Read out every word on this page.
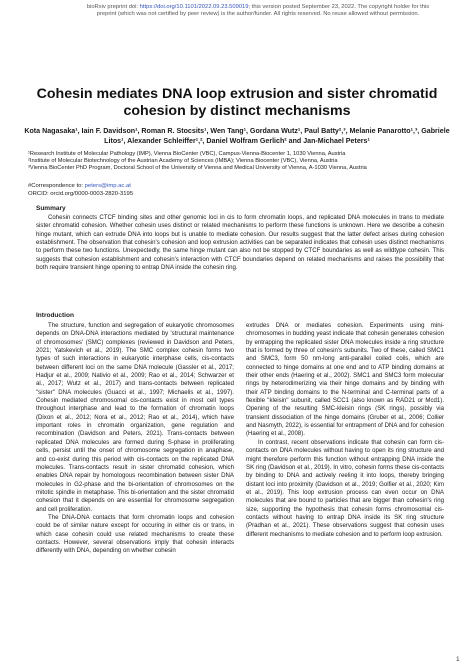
bioRxiv preprint doi: https://doi.org/10.1101/2022.09.23.509019; this version posted September 23, 2022. The copyright holder for this
preprint (which was not certified by peer review) is the author/funder. All rights reserved. No reuse allowed without permission.
Cohesin mediates DNA loop extrusion and sister chromatid cohesion by distinct mechanisms
Kota Nagasaka¹, Iain F. Davidson¹, Roman R. Stocsits¹, Wen Tang¹, Gordana Wutz¹, Paul Batty²,³, Melanie Panarotto¹,³, Gabriele Litos¹, Alexander Schleiffer¹,², Daniel Wolfram Gerlich² and Jan-Michael Peters¹
¹Research Institute of Molecular Pathology (IMP), Vienna BioCenter (VBC), Campus-Vienna-Biocenter 1, 1030 Vienna, Austria
²Institute of Molecular Biotechnology of the Austrian Academy of Sciences (IMBA); Vienna Biocenter (VBC), Vienna, Austria
³Vienna BioCenter PhD Program, Doctoral School of the University of Vienna and Medical University of Vienna, A-1030 Vienna, Austria
#Correspondence to: peters@imp.ac.at
ORCID: orcid.org/0000-0003-2820-3195
Summary

Cohesin connects CTCF binding sites and other genomic loci in cis to form chromatin loops, and replicated DNA molecules in trans to mediate sister chromatid cohesion. Whether cohesin uses distinct or related mechanisms to perform these functions is unknown. Here we describe a cohesin hinge mutant, which can extrude DNA into loops but is unable to mediate cohesion. Our results suggest that the latter defect arises during cohesion establishment. The observation that cohesin's cohesion and loop extrusion activities can be separated indicates that cohesin uses distinct mechanisms to perform these two functions. Unexpectedly, the same hinge mutant can also not be stopped by CTCF boundaries as well as wildtype cohesin. This suggests that cohesion establishment and cohesin's interaction with CTCF boundaries depend on related mechanisms and raises the possibility that both require transient hinge opening to entrap DNA inside the cohesin ring.

Introduction

The structure, function and segregation of eukaryotic chromosomes depends on DNA-DNA interactions mediated by 'structural maintenance of chromosomes' (SMC) complexes (reviewed in Davidson and Peters, 2021; Yatskevich et al., 2019). The SMC complex cohesin forms two types of such interactions in eukaryotic interphase cells, cis-contacts between different loci on the same DNA molecule (Gassler et al., 2017; Hadjur et al., 2009; Nativio et al., 2009; Rao et al., 2014; Schwarzer et al., 2017; Wutz et al., 2017) and trans-contacts between replicated "sister" DNA molecules (Guacci et al., 1997; Michaelis et al., 1997). Cohesin mediated chromosomal cis-contacts exist in most cell types throughout interphase and lead to the formation of chromatin loops (Dixon et al., 2012; Nora et al., 2012; Rao et al., 2014), which have important roles in chromatin organization, gene regulation and recombination (Davidson and Peters, 2021). Trans-contacts between replicated DNA molecules are formed during S-phase in proliferating cells, persist until the onset of chromosome segregation in anaphase, and co-exist during this period with cis-contacts on the replicated DNA molecules. Trans-contacts result in sister chromatid cohesion, which enables DNA repair by homologous recombination between sister DNA molecules in G2-phase and the bi-orientation of chromosomes on the mitotic spindle in metaphase. This bi-orientation and the sister chromatid cohesion that it depends on are essential for chromosome segregation and cell proliferation.

The DNA-DNA contacts that form chromatin loops and cohesion could be of similar nature except for occuring in either cis or trans, in which case cohesin could use related mechanisms to create these contacts. However, several observations imply that cohesin interacts differently with DNA, depending on whether cohesin

extrudes DNA or mediates cohesion. Experiments using mini-chromosomes in budding yeast indicate that cohesin generates cohesion by entrapping the replicated sister DNA molecules inside a ring structure that is formed by three of cohesin's subunits. Two of these, called SMC1 and SMC3, form 50 nm-long anti-parallel coiled coils, which are connected to hinge domains at one end and to ATP binding domains at their other ends (Haering et al., 2002). SMC1 and SMC3 form molecular rings by heterodimerizing via their hinge domains and by binding with their ATP binding domains to the N-terminal and C-terminal parts of a flexible "kleisin" subunit, called SCC1 (also known as RAD21 or Mcd1). Opening of the resulting SMC-kleisin rings (SK rings), possibly via transient dissociation of the hinge domains (Gruber et al., 2006; Collier and Nasmyth, 2022), is essential for entrapment of DNA and for cohesion (Haering et al., 2008).

In contrast, recent observations indicate that cohesin can form cis-contacts on DNA molecules without having to open its ring structure and might therefore perform this function without entrapping DNA inside the SK ring (Davidson et al., 2019). In vitro, cohesin forms these cis-contacts by binding to DNA and actively reeling it into loops, thereby bringing distant loci into proximity (Davidson et al., 2019; Golfier et al., 2020; Kim et al., 2019). This loop extrusion process can even occur on DNA molecules that are bound to particles that are bigger than cohesin's ring size, supporting the hypothesis that cohesin forms chromosomal cis-contacts without having to entrap DNA inside its SK ring structure (Pradhan et al., 2021). These observations suggest that cohesin uses different mechanisms to mediate cohesion and to perform loop extrusion.

1
